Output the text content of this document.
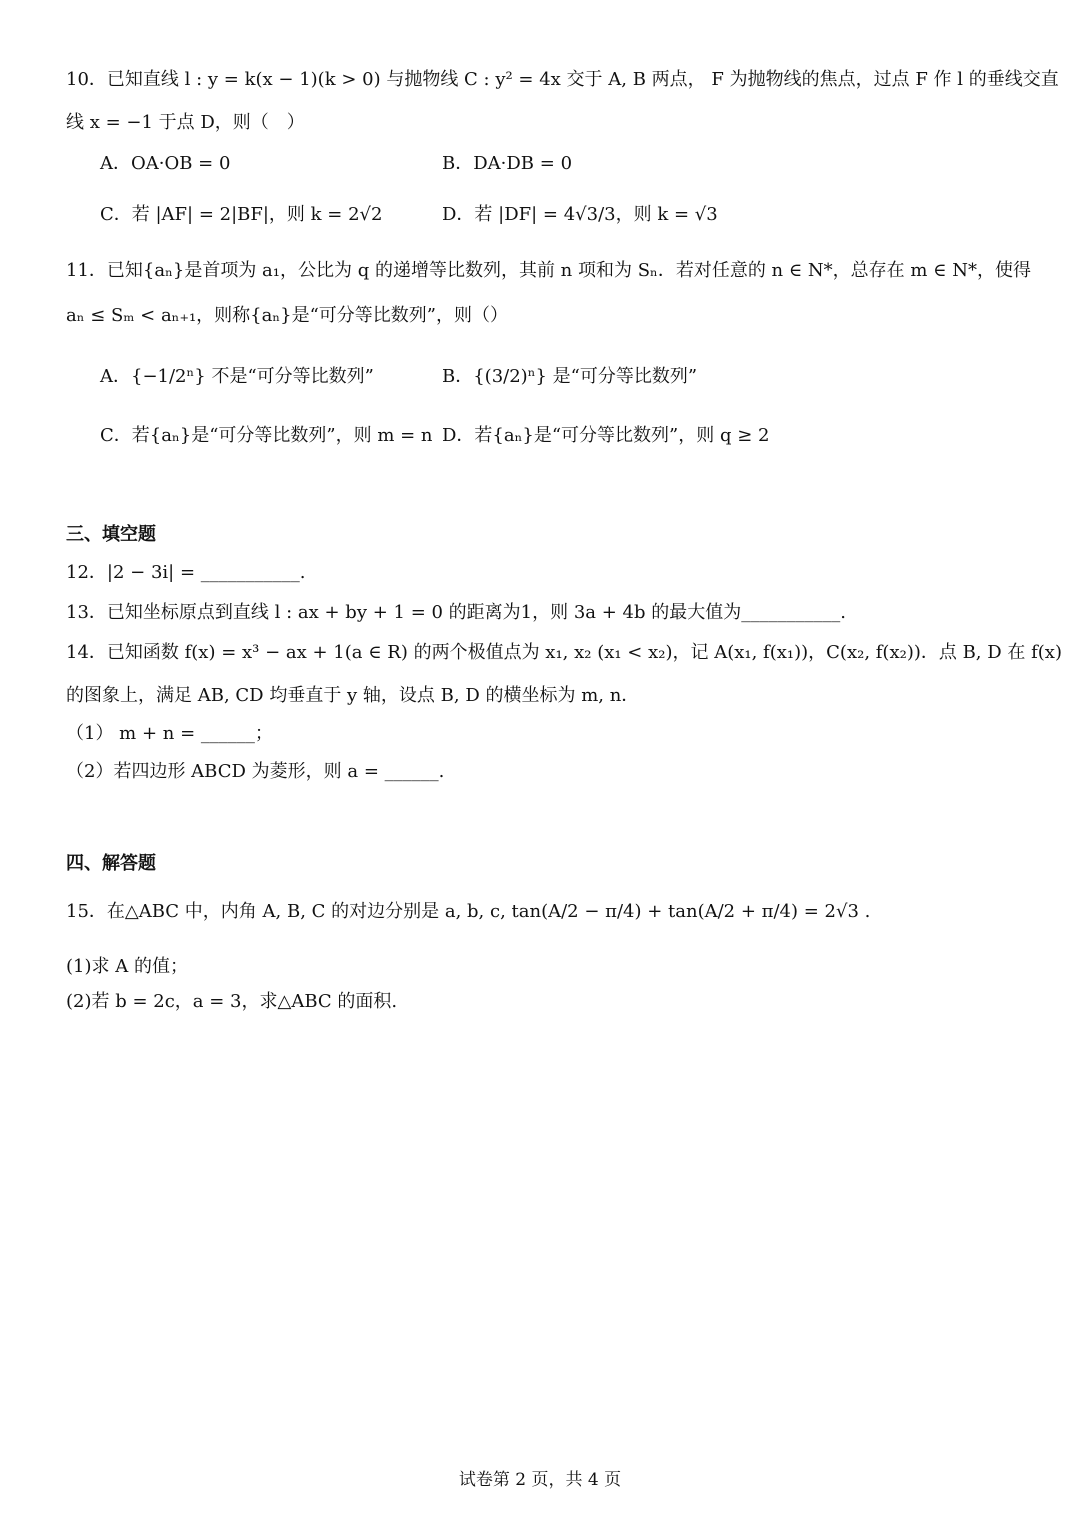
10．已知直线 l : y = k(x − 1)(k > 0) 与抛物线 C : y² = 4x 交于 A, B 两点， F 为抛物线的焦点，过点 F 作 l 的垂线交直
线 x = −1 于点 D，则（　）
A．OA·OB = 0	B．DA·DB = 0
C．若 |AF| = 2|BF|，则 k = 2√2	D．若 |DF| = 4√3/3，则 k = √3
11．已知{aₙ}是首项为 a₁，公比为 q 的递增等比数列，其前 n 项和为 Sₙ．若对任意的 n ∈ N*，总存在 m ∈ N*，使得
aₙ ≤ Sₘ < aₙ₊₁，则称{aₙ}是“可分等比数列”，则（）
A．{−1/2ⁿ} 不是“可分等比数列”	B．{(3/2)ⁿ} 是“可分等比数列”
C．若{aₙ}是“可分等比数列”，则 m = n D．若{aₙ}是“可分等比数列”，则 q ≥ 2
三、填空题
12．|2 − 3i| = ___________.
13．已知坐标原点到直线 l : ax + by + 1 = 0 的距离为1，则 3a + 4b 的最大值为___________.
14．已知函数 f(x) = x³ − ax + 1(a ∈ R) 的两个极值点为 x₁, x₂ (x₁ < x₂)，记 A(x₁, f(x₁))，C(x₂, f(x₂))．点 B, D 在 f(x)
的图象上，满足 AB, CD 均垂直于 y 轴，设点 B, D 的横坐标为 m, n．
（1） m + n = ______；
（2）若四边形 ABCD 为菱形，则 a = ______.
四、解答题
15．在△ABC 中，内角 A, B, C 的对边分别是 a, b, c, tan(A/2 − π/4) + tan(A/2 + π/4) = 2√3 .
(1)求 A 的值；
(2)若 b = 2c，a = 3，求△ABC 的面积.
试卷第 2 页，共 4 页
